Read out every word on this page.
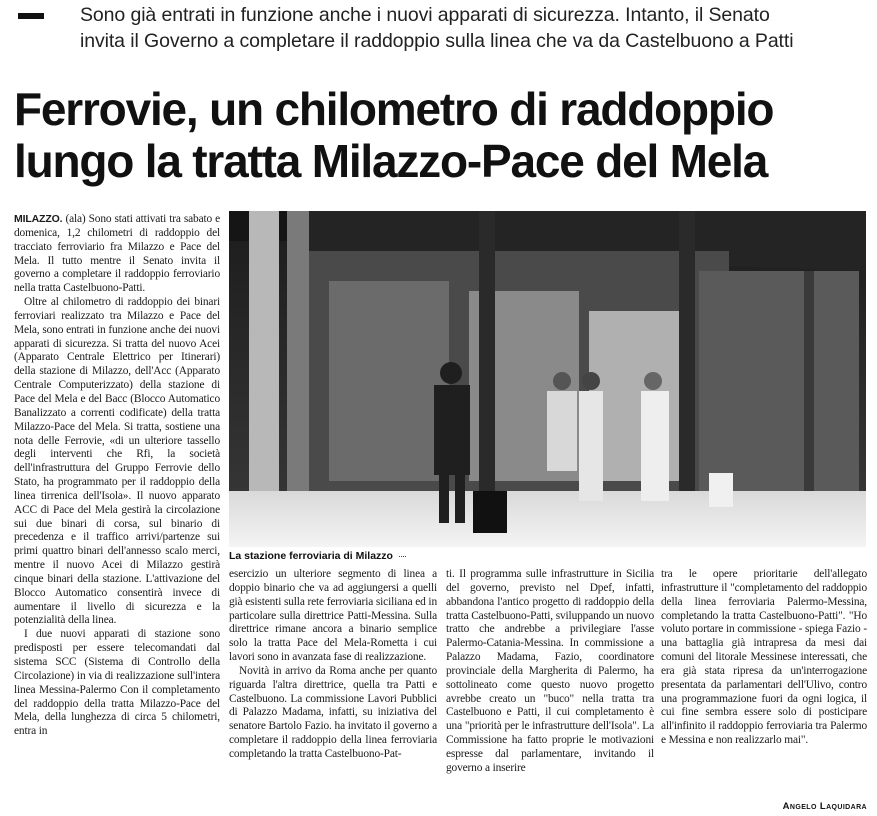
Sono già entrati in funzione anche i nuovi apparati di sicurezza. Intanto, il Senato
invita il Governo a completare il raddoppio sulla linea che va da Castelbuono a Patti
Ferrovie, un chilometro di raddoppio
lungo la tratta Milazzo-Pace del Mela

MILAZZO. (ala) Sono stati attivati tra sabato e domenica, 1,2 chilometri di raddoppio del tracciato ferroviario fra Milazzo e Pace del Mela. Il tutto mentre il Senato invita il governo a completare il raddoppio ferroviario nella tratta Castelbuono-Patti.

Oltre al chilometro di raddoppio dei binari ferroviari realizzato tra Milazzo e Pace del Mela, sono entrati in funzione anche dei nuovi apparati di sicurezza. Si tratta del nuovo Acei (Apparato Centrale Elettrico per Itinerari) della stazione di Milazzo, dell'Acc (Apparato Centrale Computerizzato) della stazione di Pace del Mela e del Bacc (Blocco Automatico Banalizzato a correnti codificate) della tratta Milazzo-Pace del Mela. Si tratta, sostiene una nota delle Ferrovie, «di un ulteriore tassello degli interventi che Rfi, la società dell'infrastruttura del Gruppo Ferrovie dello Stato, ha programmato per il raddoppio della linea tirrenica dell'Isola». Il nuovo apparato ACC di Pace del Mela gestirà la circolazione sui due binari di corsa, sul binario di precedenza e il traffico arrivi/partenze sui primi quattro binari dell'annesso scalo merci, mentre il nuovo Acei di Milazzo gestirà cinque binari della stazione. L'attivazione del Blocco Automatico consentirà invece di aumentare il livello di sicurezza e la potenzialità della linea.

I due nuovi apparati di stazione sono predisposti per essere telecomandati dal sistema SCC (Sistema di Controllo della Circolazione) in via di realizzazione sull'intera linea Messina-Palermo Con il completamento del raddoppio della tratta Milazzo-Pace del Mela, della lunghezza di circa 5 chilometri, entra in

La stazione ferroviaria di Milazzo

esercizio un ulteriore segmento di linea a doppio binario che va ad aggiungersi a quelli già esistenti sulla rete ferroviaria siciliana ed in particolare sulla direttrice Patti-Messina. Sulla direttrice rimane ancora a binario semplice solo la tratta Pace del Mela-Rometta i cui lavori sono in avanzata fase di realizzazione.

Novità in arrivo da Roma anche per quanto riguarda l'altra direttrice, quella tra Patti e Castelbuono. La commissione Lavori Pubblici di Palazzo Madama, infatti, su iniziativa del senatore Bartolo Fazio. ha invitato il governo a completare il raddoppio della linea ferroviaria completando la tratta Castelbuono-Pat-

ti. Il programma sulle infrastrutture in Sicilia del governo, previsto nel Dpef, infatti, abbandona l'antico progetto di raddoppio della tratta Castelbuono-Patti, sviluppando un nuovo tratto che andrebbe a privilegiare l'asse Palermo-Catania-Messina. In commissione a Palazzo Madama, Fazio, coordinatore provinciale della Margherita di Palermo, ha sottolineato come questo nuovo progetto avrebbe creato un "buco" nella tratta tra Castelbuono e Patti, il cui completamento è una "priorità per le infrastrutture dell'Isola". La Commissione ha fatto proprie le motivazioni espresse dal parlamentare, invitando il governo a inserire

tra le opere prioritarie dell'allegato infrastrutture il "completamento del raddoppio della linea ferroviaria Palermo-Messina, completando la tratta Castelbuono-Patti". "Ho voluto portare in commissione - spiega Fazio - una battaglia già intrapresa da mesi dai comuni del litorale Messinese interessati, che era già stata ripresa da un'interrogazione presentata da parlamentari dell'Ulivo, contro una programmazione fuori da ogni logica, il cui fine sembra essere solo di posticipare all'infinito il raddoppio ferroviaria tra Palermo e Messina e non realizzarlo mai".

Angelo Laquidara
